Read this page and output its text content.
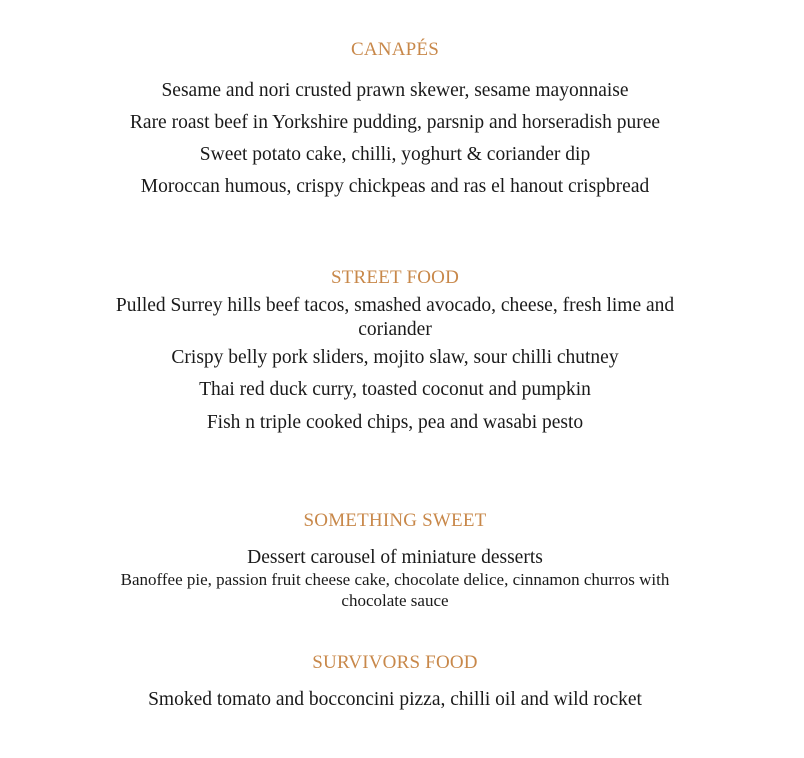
CANAPÉS
Sesame and nori crusted prawn skewer, sesame mayonnaise
Rare roast beef in Yorkshire pudding, parsnip and horseradish puree
Sweet potato cake, chilli, yoghurt & coriander dip
Moroccan humous, crispy chickpeas and ras el hanout crispbread
STREET FOOD
Pulled Surrey hills beef tacos, smashed avocado, cheese, fresh lime and
coriander
Crispy belly pork sliders, mojito slaw, sour chilli chutney
Thai red duck curry, toasted coconut and pumpkin
Fish n triple cooked chips, pea and wasabi pesto
SOMETHING SWEET
Dessert carousel of miniature desserts
Banoffee pie, passion fruit cheese cake, chocolate delice, cinnamon churros with
chocolate sauce
SURVIVORS FOOD
Smoked tomato and bocconcini pizza, chilli oil and wild rocket
